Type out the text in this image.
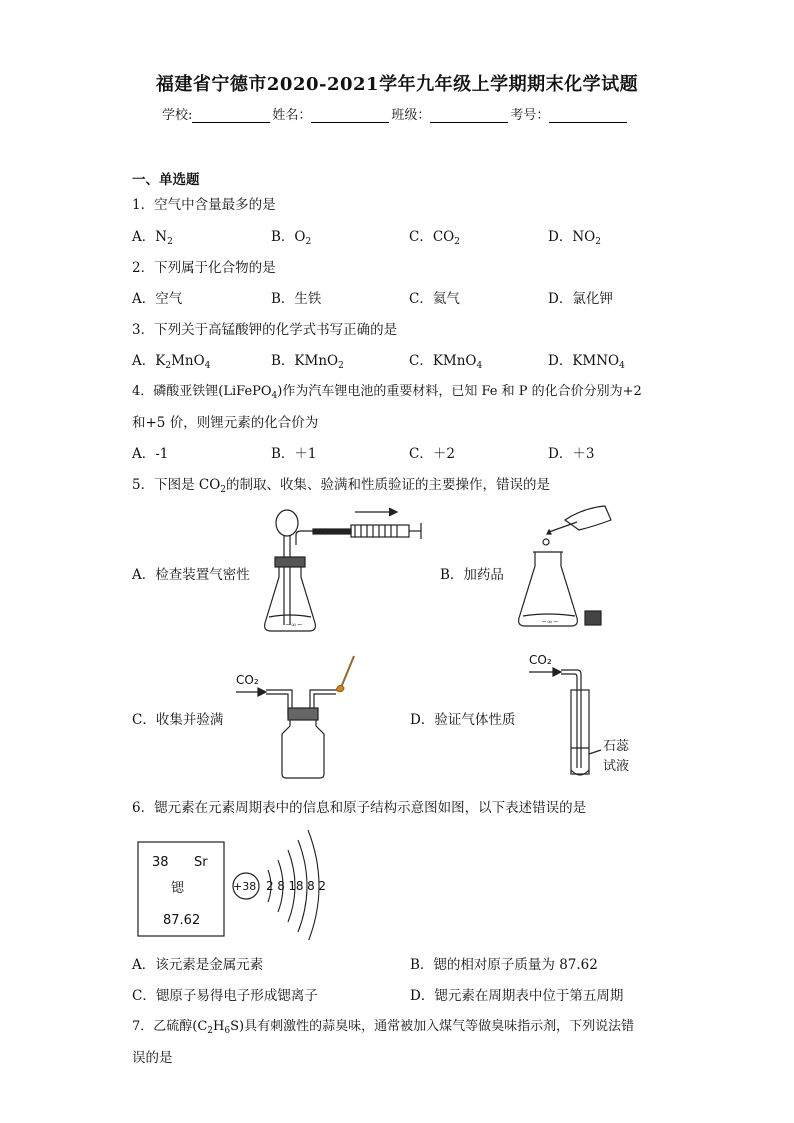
福建省宁德市2020-2021学年九年级上学期期末化学试题
学校:	姓名：	班级：	考号：
一、单选题
1．空气中含量最多的是
A．$N_2$	B．$O_2$	C．$CO_2$	D．$NO_2$
2．下列属于化合物的是
A．空气	B．生铁	C．氦气	D．氯化钾
3．下列关于高锰酸钾的化学式书写正确的是
A．$K_2MnO_4$	B．KMnO$_2$	C．KMnO$_4$	D．$KMNO_4$
4．磷酸亚铁锂(LiFePO$_4$)作为汽车锂电池的重要材料，已知 Fe 和 P 的化合价分别为+2
和+5 价，则锂元素的化合价为
A．-1	B．＋1	C．＋2	D．＋3
5．下图是 $CO_2$的制取、收集、验满和性质验证的主要操作，错误的是
A．检查装置气密性	B．加药品
C．收集并验满	D．验证气体性质
~∞~	~∞~
CO₂
CO₂
石蕊
试液
6．锶元素在元素周期表中的信息和原子结构示意图如图，以下表述错误的是
38 Sr
锶
87.62
+38 2 8 18 8 2
A．该元素是金属元素	B．锶的相对原子质量为 87.62
C．锶原子易得电子形成锶离子	D．锶元素在周期表中位于第五周期
7．乙硫醇$(C_2H_6S)$具有刺激性的蒜臭味，通常被加入煤气等做臭味指示剂，下列说法错
误的是
